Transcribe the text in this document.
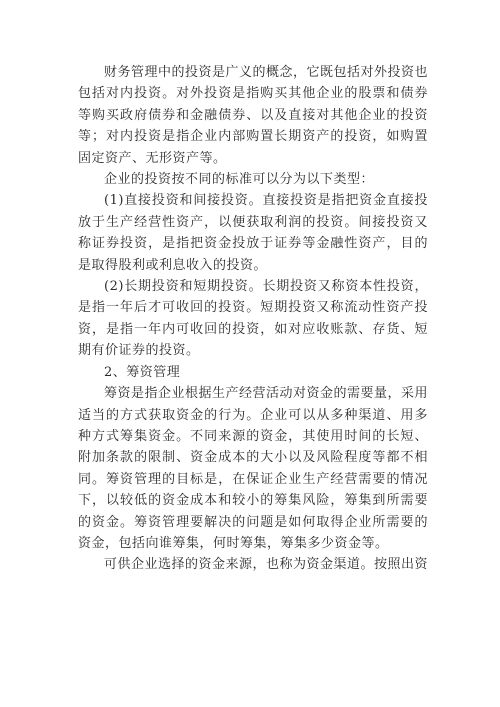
财务管理中的投资是广义的概念，它既包括对外投资也包括对内投资。对外投资是指购买其他企业的股票和债券等购买政府债券和金融债券、以及直接对其他企业的投资等；对内投资是指企业内部购置长期资产的投资，如购置固定资产、无形资产等。

企业的投资按不同的标准可以分为以下类型：

(1)直接投资和间接投资。直接投资是指把资金直接投放于生产经营性资产，以便获取利润的投资。间接投资又称证券投资，是指把资金投放于证券等金融性资产，目的是取得股利或利息收入的投资。

(2)长期投资和短期投资。长期投资又称资本性投资，是指一年后才可收回的投资。短期投资又称流动性资产投资，是指一年内可收回的投资，如对应收账款、存货、短期有价证券的投资。

2、筹资管理

筹资是指企业根据生产经营活动对资金的需要量，采用适当的方式获取资金的行为。企业可以从多种渠道、用多种方式筹集资金。不同来源的资金，其使用时间的长短、附加条款的限制、资金成本的大小以及风险程度等都不相同。筹资管理的目标是，在保证企业生产经营需要的情况下，以较低的资金成本和较小的筹集风险，筹集到所需要的资金。筹资管理要解决的问题是如何取得企业所需要的资金，包括向谁筹集，何时筹集，筹集多少资金等。

可供企业选择的资金来源，也称为资金渠道。按照出资
